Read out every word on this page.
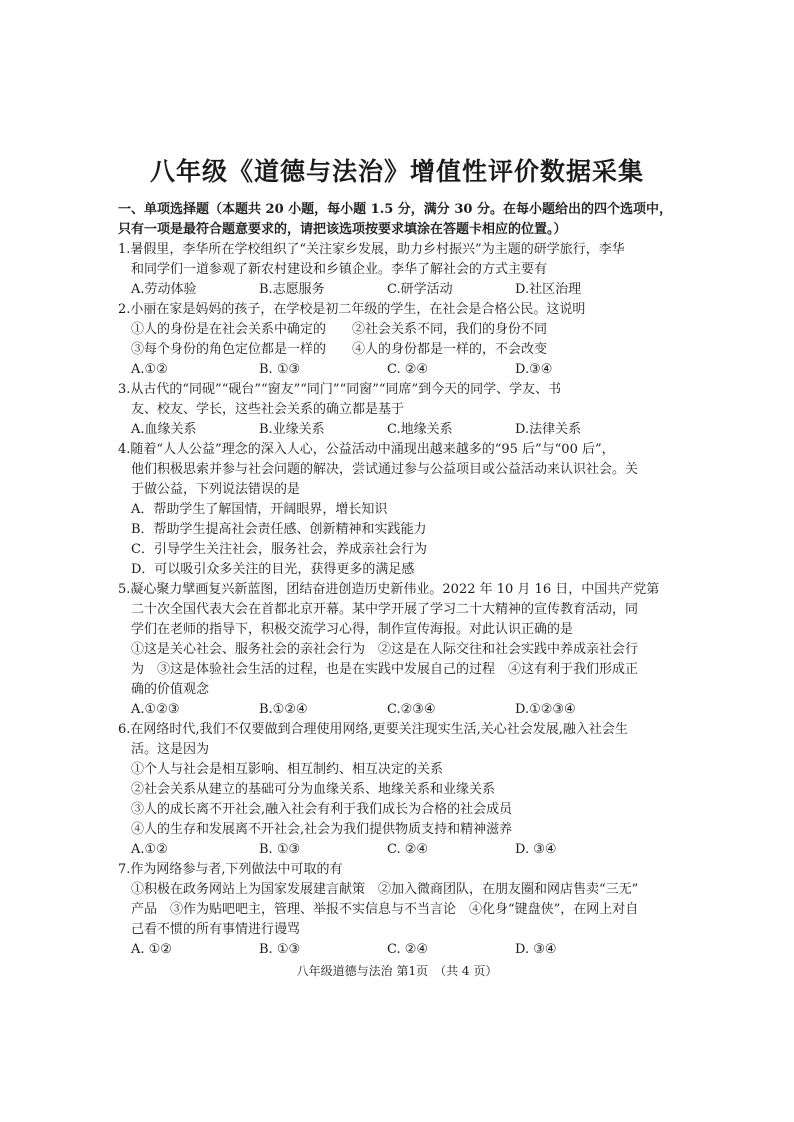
八年级《道德与法治》增值性评价数据采集
一、单项选择题（本题共 20 小题，每小题 1.5 分，满分 30 分。在每小题给出的四个选项中，
只有一项是最符合题意要求的，请把该选项按要求填涂在答题卡相应的位置。）
1.暑假里，李华所在学校组织了“关注家乡发展，助力乡村振兴”为主题的研学旅行，李华
和同学们一道参观了新农村建设和乡镇企业。李华了解社会的方式主要有
A.劳动体验	B.志愿服务	C.研学活动	D.社区治理
2.小丽在家是妈妈的孩子，在学校是初二年级的学生，在社会是合格公民。这说明
①人的身份是在社会关系中确定的　　②社会关系不同，我们的身份不同
③每个身份的角色定位都是一样的　　④人的身份都是一样的，不会改变
A.①②	B. ①③	C. ②④	D.③④
3.从古代的“同砚”“砚台”“窗友”“同门”“同窗”“同席”到今天的同学、学友、书
友、校友、学长，这些社会关系的确立都是基于
A.血缘关系	B.业缘关系	C.地缘关系	D.法律关系
4.随着“人人公益”理念的深入人心，公益活动中涌现出越来越多的“95 后”与“00 后”，
他们积极思索并参与社会问题的解决，尝试通过参与公益项目或公益活动来认识社会。关
于做公益，下列说法错误的是
A．帮助学生了解国情，开阔眼界，增长知识
B．帮助学生提高社会责任感、创新精神和实践能力
C．引导学生关注社会，服务社会，养成亲社会行为
D．可以吸引众多关注的目光，获得更多的满足感
5.凝心聚力擘画复兴新蓝图，团结奋进创造历史新伟业。2022 年 10 月 16 日，中国共产党第
二十次全国代表大会在首都北京开幕。某中学开展了学习二十大精神的宣传教育活动，同
学们在老师的指导下，积极交流学习心得，制作宣传海报。对此认识正确的是
①这是关心社会、服务社会的亲社会行为　②这是在人际交往和社会实践中养成亲社会行
为　③这是体验社会生活的过程，也是在实践中发展自己的过程　④这有利于我们形成正
确的价值观念
A.①②③	B.①②④	C.②③④	D.①②③④
6.在网络时代,我们不仅要做到合理使用网络,更要关注现实生活,关心社会发展,融入社会生
活。这是因为
①个人与社会是相互影响、相互制约、相互决定的关系
②社会关系从建立的基础可分为血缘关系、地缘关系和业缘关系
③人的成长离不开社会,融入社会有利于我们成长为合格的社会成员
④人的生存和发展离不开社会,社会为我们提供物质支持和精神滋养
A.①②	B. ①③	C. ②④	D. ③④
7.作为网络参与者,下列做法中可取的有
①积极在政务网站上为国家发展建言献策　②加入微商团队，在朋友圈和网店售卖“三无”
产品　③作为贴吧吧主，管理、举报不实信息与不当言论　④化身“键盘侠”，在网上对自
己看不惯的所有事情进行谩骂
A. ①②	B. ①③	C. ②④	D. ③④
八年级道德与法治 第1页　（共 4 页）
